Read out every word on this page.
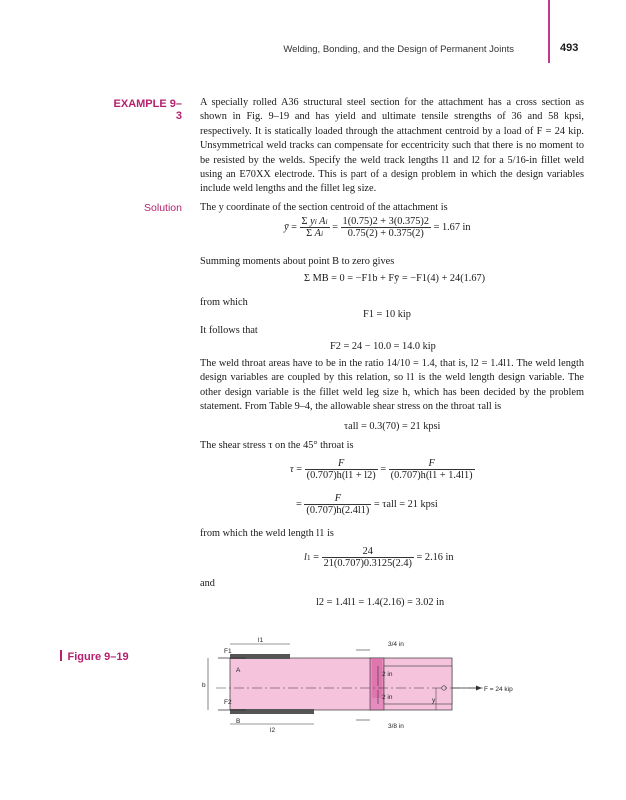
Welding, Bonding, and the Design of Permanent Joints	493
EXAMPLE 9–3
A specially rolled A36 structural steel section for the attachment has a cross section as shown in Fig. 9–19 and has yield and ultimate tensile strengths of 36 and 58 kpsi, respectively. It is statically loaded through the attachment centroid by a load of F = 24 kip. Unsymmetrical weld tracks can compensate for eccentricity such that there is no moment to be resisted by the welds. Specify the weld track lengths l1 and l2 for a 5/16-in fillet weld using an E70XX electrode. This is part of a design problem in which the design variables include weld lengths and the fillet leg size.
Solution The y coordinate of the section centroid of the attachment is
ȳ = $\frac{\text{Σ yi Ai}}{\text{Σ Ai}} = \frac{1(0.75)2 + 3(0.375)2}{0.75(2) + 0.375(2)} = 1.67$ in
Summing moments about point B to zero gives
Σ MB = 0 = −F1b + Fȳ = −F1(4) + 24(1.67)
from which
F1 = 10 kip
It follows that
F2 = 24 − 10.0 = 14.0 kip
The weld throat areas have to be in the ratio 14/10 = 1.4, that is, l2 = 1.4l1. The weld length design variables are coupled by this relation, so l1 is the weld length design variable. The other design variable is the fillet weld leg size h, which has been decided by the problem statement. From Table 9–4, the allowable shear stress on the throat τall is
τall = 0.3(70) = 21 kpsi
The shear stress τ on the 45° throat is
$\tau = \frac{F}{(0.707)h(l1 + l2)} = \frac{F}{(0.707)h(l1 + 1.4l1)}$
= $\frac{F}{(0.707)h(2.4l1)} = \tau all = 21$ kpsi
from which the weld length l1 is
$l1 = \frac{24}{21(0.707)0.3125(2.4)} = 2.16$ in
and
l2 = 1.4l1 = 1.4(2.16) = 3.02 in
Figure 9–19	F1
F2
A
B
b
l1
l2
3/4 in
3/8 in
2 in
2 in	y
F = 24 kip
